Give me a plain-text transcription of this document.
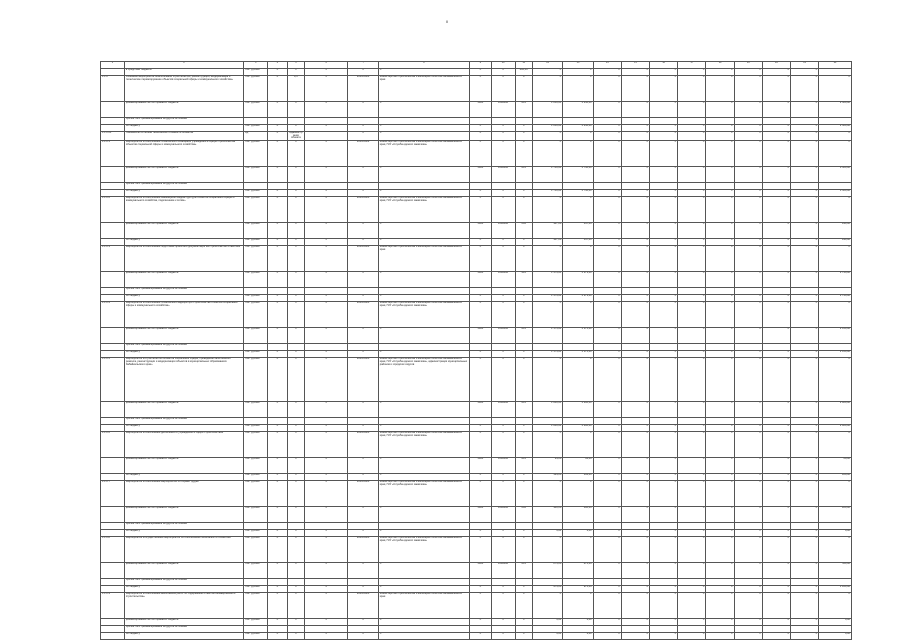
II
1	2	3	4	5	6	7	8	9	10	11	12	13	14	15	16	17	18	19	20	21	22
	в средствах бюджета	тыс. рублей	Х	Х	Х	Х	Х	Х	Х	800,00	Х	Х	Х	Х	Х	Х	Х	Х	Х	Х	
1.1.2	Основное мероприятие «Капитальное строительство, реконструкция, модернизация и техническое перевооружение объектов социальной сферы и коммунального хозяйства»	тыс. рублей	Х	0,1	Х	2019-2024	Министерство строительства и жилищной политики Забайкальского края	Х	Х	Х	Х	Х	Х	Х	Х	Х	Х	Х	Х	Х	Х
	финансирование за счет краевого бюджета	тыс. рублей	Х	Х	Х	Х	Х	1000	1000000	811	1 250,00	1 250,00	Х	Х	Х	Х	Х	Х	Х	Х	2 500,00
	прочие госп. финансирования за другие источники																				
	по бюджету	тыс. рублей	Х	Х	Х	Х	Х	Х	Х	Х	1 250,00	1 250,00	Х	Х	Х	Х	Х	Х	Х	Х	2 500,00
1.1.2.01	Показатель «Степень технической готовности объекта»	ед.	Х	Администрация объекта		Х	Х	Х	Х	Х	Х	Х	Х	Х	Х	Х	Х	Х	Х	Х	Х
1.1.2.1	Мероприятие «Обеспечение технического оснащения учреждений в сфере строительства объектов социальной сферы и коммунального хозяйства»	тыс. рублей	Х	Х	Х	2019-2022	Министерство строительства и жилищной политики Забайкальского края, ГКУ «Служба единого заказчика»	Х	Х	Х	Х	Х	Х	Х	Х	Х	Х	Х	Х	Х	Х
	финансирование за счет краевого бюджета	тыс. рублей	Х	Х	Х	Х	Х	1000	1000000	811	1 750,00	1 750,00	Х	Х	Х	Х	Х	Х	Х	Х	3 500,00
	прочие госп. финансирования за другие источники																				
	по бюджету	тыс. рублей	Х	Х	Х	Х	Х	Х	Х	Х	1 750,00	1 750,00	Х	Х	Х	Х	Х	Х	Х	Х	3 500,00
1.1.2.2	Мероприятие «Обеспечение инженерной инфраструктуры объектов социальной сферы и коммунального хозяйства, подключение к сетям»	тыс. рублей	Х	Х	Х	2019-2023	Министерство строительства и жилищной политики Забайкальского края, ГКУ «Служба единого заказчика»	Х	Х	Х	Х	Х	Х	Х	Х	Х	Х	Х	Х	Х	Х
	финансирование за счет краевого бюджета	тыс. рублей	Х	Х	Х	Х	Х	1000	1000000	244	147,00	147,00	Х	Х	Х	Х	Х	Х	Х	Х	294,00
	по бюджету	тыс. рублей	Х	Х	Х	Х	Х	Х	Х	Х	147,00	147,00	Х	Х	Х	Х	Х	Х	Х	Х	294,00
1.1.2.3	Мероприятие «Обеспечение подготовки проектной документации на строительство объектов»	тыс. рублей	Х	Х	Х	2019-2024	Министерство строительства и жилищной политики Забайкальского края	Х	Х	Х	Х	Х	Х	Х	Х	Х	Х	Х	Х	Х	Х
	финансирование за счет краевого бюджета	тыс. рублей	Х	Х	Х	Х	Х	1000	1000000	414	1 373,00	1 373,00	Х	Х	Х	Х	Х	Х	Х	Х	2 746,00
	прочие госп. финансирования за другие источники																				
	по бюджету	тыс. рублей	Х	Х	Х	Х	Х	Х	Х	Х	1 373,00	1 373,00	Х	Х	Х	Х	Х	Х	Х	Х	2 746,00
1.1.2.4	Мероприятие «Обеспечение технического надзора при строительстве объектов социальной сферы и коммунального хозяйства»	тыс. рублей	Х	Х	Х	2019-2023	Министерство строительства и жилищной политики Забайкальского края, ГКУ «Служба единого заказчика»	Х	Х	Х	Х	Х	Х	Х	Х	Х	Х	Х	Х	Х	Х
	финансирование за счет краевого бюджета	тыс. рублей	Х	Х	Х	Х	Х	1000	1000000	811	1 175,00	1 175,00	Х	Х	Х	Х	Х	Х	Х	Х	2 350,00
	прочие госп. финансирования за другие источники																				
	по бюджету	тыс. рублей	Х	Х	Х	Х	Х	Х	Х	Х	1 175,00	1 175,00	Х	Х	Х	Х	Х	Х	Х	Х	2 350,00
1.1.2.5	Мероприятие «Строительство объектов социальной сферы, проведение капитального ремонта, реконструкции и модернизации объектов в муниципальных образованиях Забайкальского края»	тыс. рублей	Х	Х	Х	2019-2023	Министерство строительства и жилищной политики Забайкальского края, ГКУ «Служба единого заказчика», администрации муниципальных районов и городских округов	Х	Х	Х	Х	Х	Х	Х	Х	Х	Х	Х	Х	Х	Х
	финансирование за счет краевого бюджета	тыс. рублей	Х	Х	Х	Х	Х	1000	1000000	811	1 200,00	1 200,00	Х	Х	Х	Х	Х	Х	Х	Х	2 400,00
	прочие госп. финансирования за другие источники																				
	по бюджету	тыс. рублей	Х	Х	Х	Х	Х	Х	Х	Х	1 200,00	1 200,00	Х	Х	Х	Х	Х	Х	Х	Х	2 400,00
1.1.2.6	Мероприятие «Обеспечение деятельности учреждений в сфере строительства»	тыс. рублей	Х	Х	Х	2019-2023	Министерство строительства и жилищной политики Забайкальского края, ГКУ «Служба единого заказчика»	Х	Х	Х	Х	Х	Х	Х	Х	Х	Х	Х	Х	Х	Х
	финансирование за счет краевого бюджета	тыс. рублей	Х	Х	Х	Х	Х	1000	1000000	811	34,00	34,00	Х	Х	Х	Х	Х	Х	Х	Х	68,00
	по бюджету	тыс. рублей	Х	Х	Х	Х	Х	Х	Х	Х	134,00	134,00	Х	Х	Х	Х	Х	Х	Х	Х	268,00
1.1.2.7	Мероприятие «Обеспечение мероприятий по охране труда»	тыс. рублей	Х	Х	Х	2019-2023	Министерство строительства и жилищной политики Забайкальского края, ГКУ «Служба единого заказчика»	Х	Х	Х	Х	Х	Х	Х	Х	Х	Х	Х	Х	Х	Х
	финансирование за счет краевого бюджета	тыс. рублей	Х	Х	Х	Х	Х	1000	1000000	244	100,00	100,00	Х	Х	Х	Х	Х	Х	Х	Х	200,00
	прочие госп. финансирования за другие источники																				
	по бюджету	тыс. рублей	Х	Х	Х	Х	Х	Х	Х	Х	3,00	3,00	Х	Х	Х	Х	Х	Х	Х	Х	6,00
1.1.2.8	Мероприятие «Осуществление мероприятий по обеспечению безопасности объектов»	тыс. рублей	Х	Х	Х	2019-2023	Министерство строительства и жилищной политики Забайкальского края, ГКУ «Служба единого заказчика»	Х	Х	Х	Х	Х	Х	Х	Х	Х	Х	Х	Х	Х	Х
	финансирование за счет краевого бюджета	тыс. рублей	Х	Х	Х	Х	Х	1000	1000000	811	275,00	275,00	Х	Х	Х	Х	Х	Х	Х	Х	550,00
	прочие госп. финансирования за другие источники																				
	по бюджету	тыс. рублей	Х	Х	Х	Х	Х	Х	Х	Х	975,00	975,00	Х	Х	Х	Х	Х	Х	Х	Х	1 950,00
1.1.2.9	Мероприятие «Обеспечение выполнения работ по содержанию объектов незавершенного строительства»	тыс. рублей	Х	Х	Х	2019-2023	Министерство строительства и жилищной политики Забайкальского края	Х	Х	Х	Х	Х	Х	Х	Х	Х	Х	Х	Х	Х	Х
	финансирование за счет краевого бюджета	тыс. рублей	Х	Х	Х	Х	Х	Х	Х	Х	3,00	3,00	Х	Х	Х	Х	Х	Х	Х	Х	6,00
	прочие госп. финансирования за другие источники																				
	по бюджету	тыс. рублей	Х	Х	Х	Х	Х	Х	Х	Х	3,00	3,00	Х	Х	Х	Х	Х	Х	Х	Х	6,00
